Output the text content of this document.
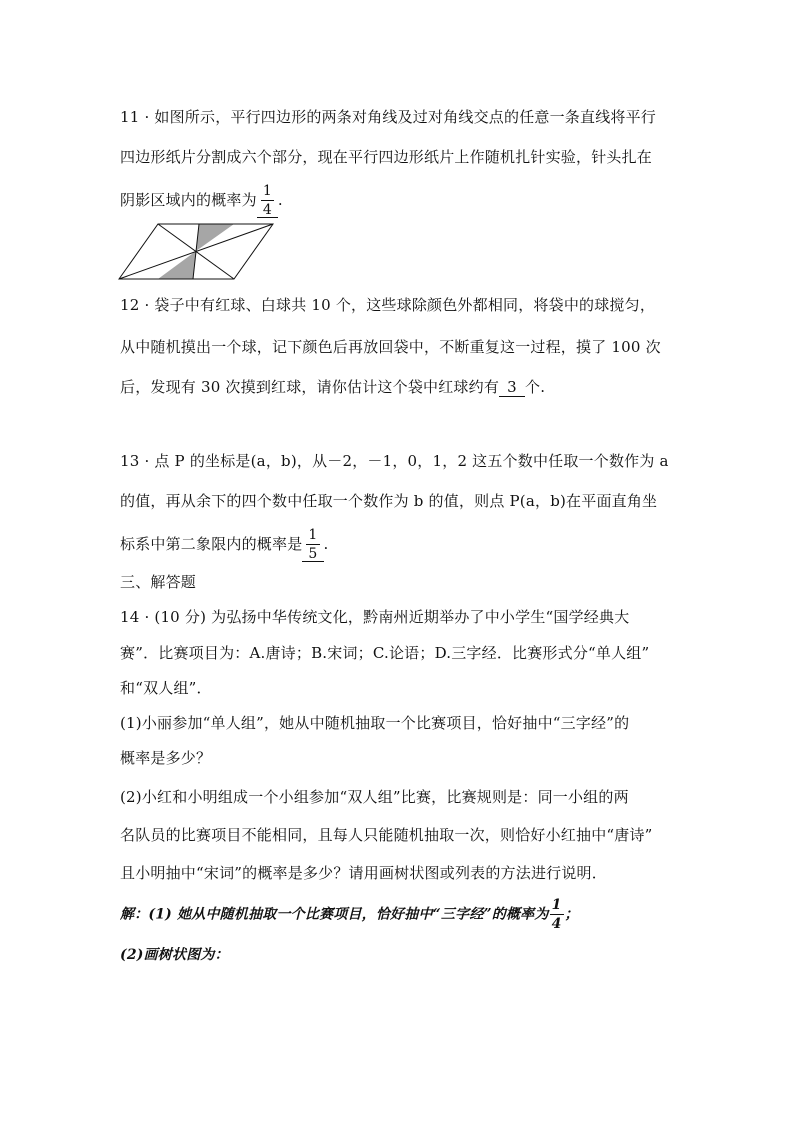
11 · 如图所示，平行四边形的两条对角线及过对角线交点的任意一条直线将平行
四边形纸片分割成六个部分，现在平行四边形纸片上作随机扎针实验，针头扎在
阴影区域内的概率为 $\frac{1}{4}$ .
12 · 袋子中有红球、白球共 10 个，这些球除颜色外都相同，将袋中的球搅匀，
从中随机摸出一个球，记下颜色后再放回袋中，不断重复这一过程，摸了 100 次
后，发现有 30 次摸到红球，请你估计这个袋中红球约有 3 个.
13 · 点 P 的坐标是(a，b)，从－2，－1，0，1，2 这五个数中任取一个数作为 a
的值，再从余下的四个数中任取一个数作为 b 的值，则点 P(a，b)在平面直角坐
标系中第二象限内的概率是 $\frac{1}{5}$ .
三、解答题
14 · (10 分) 为弘扬中华传统文化，黔南州近期举办了中小学生“国学经典大
赛”．比赛项目为：A.唐诗；B.宋词；C.论语；D.三字经．比赛形式分“单人组”
和“双人组”．
(1)小丽参加“单人组”，她从中随机抽取一个比赛项目，恰好抽中“三字经”的
概率是多少？
(2)小红和小明组成一个小组参加“双人组”比赛，比赛规则是：同一小组的两
名队员的比赛项目不能相同，且每人只能随机抽取一次，则恰好小红抽中“唐诗”
且小明抽中“宋词”的概率是多少？请用画树状图或列表的方法进行说明．
解：(1) 她从中随机抽取一个比赛项目，恰好抽中“三字经”的概率为 $\frac{1}{4}$ ；
(2)画树状图为：
